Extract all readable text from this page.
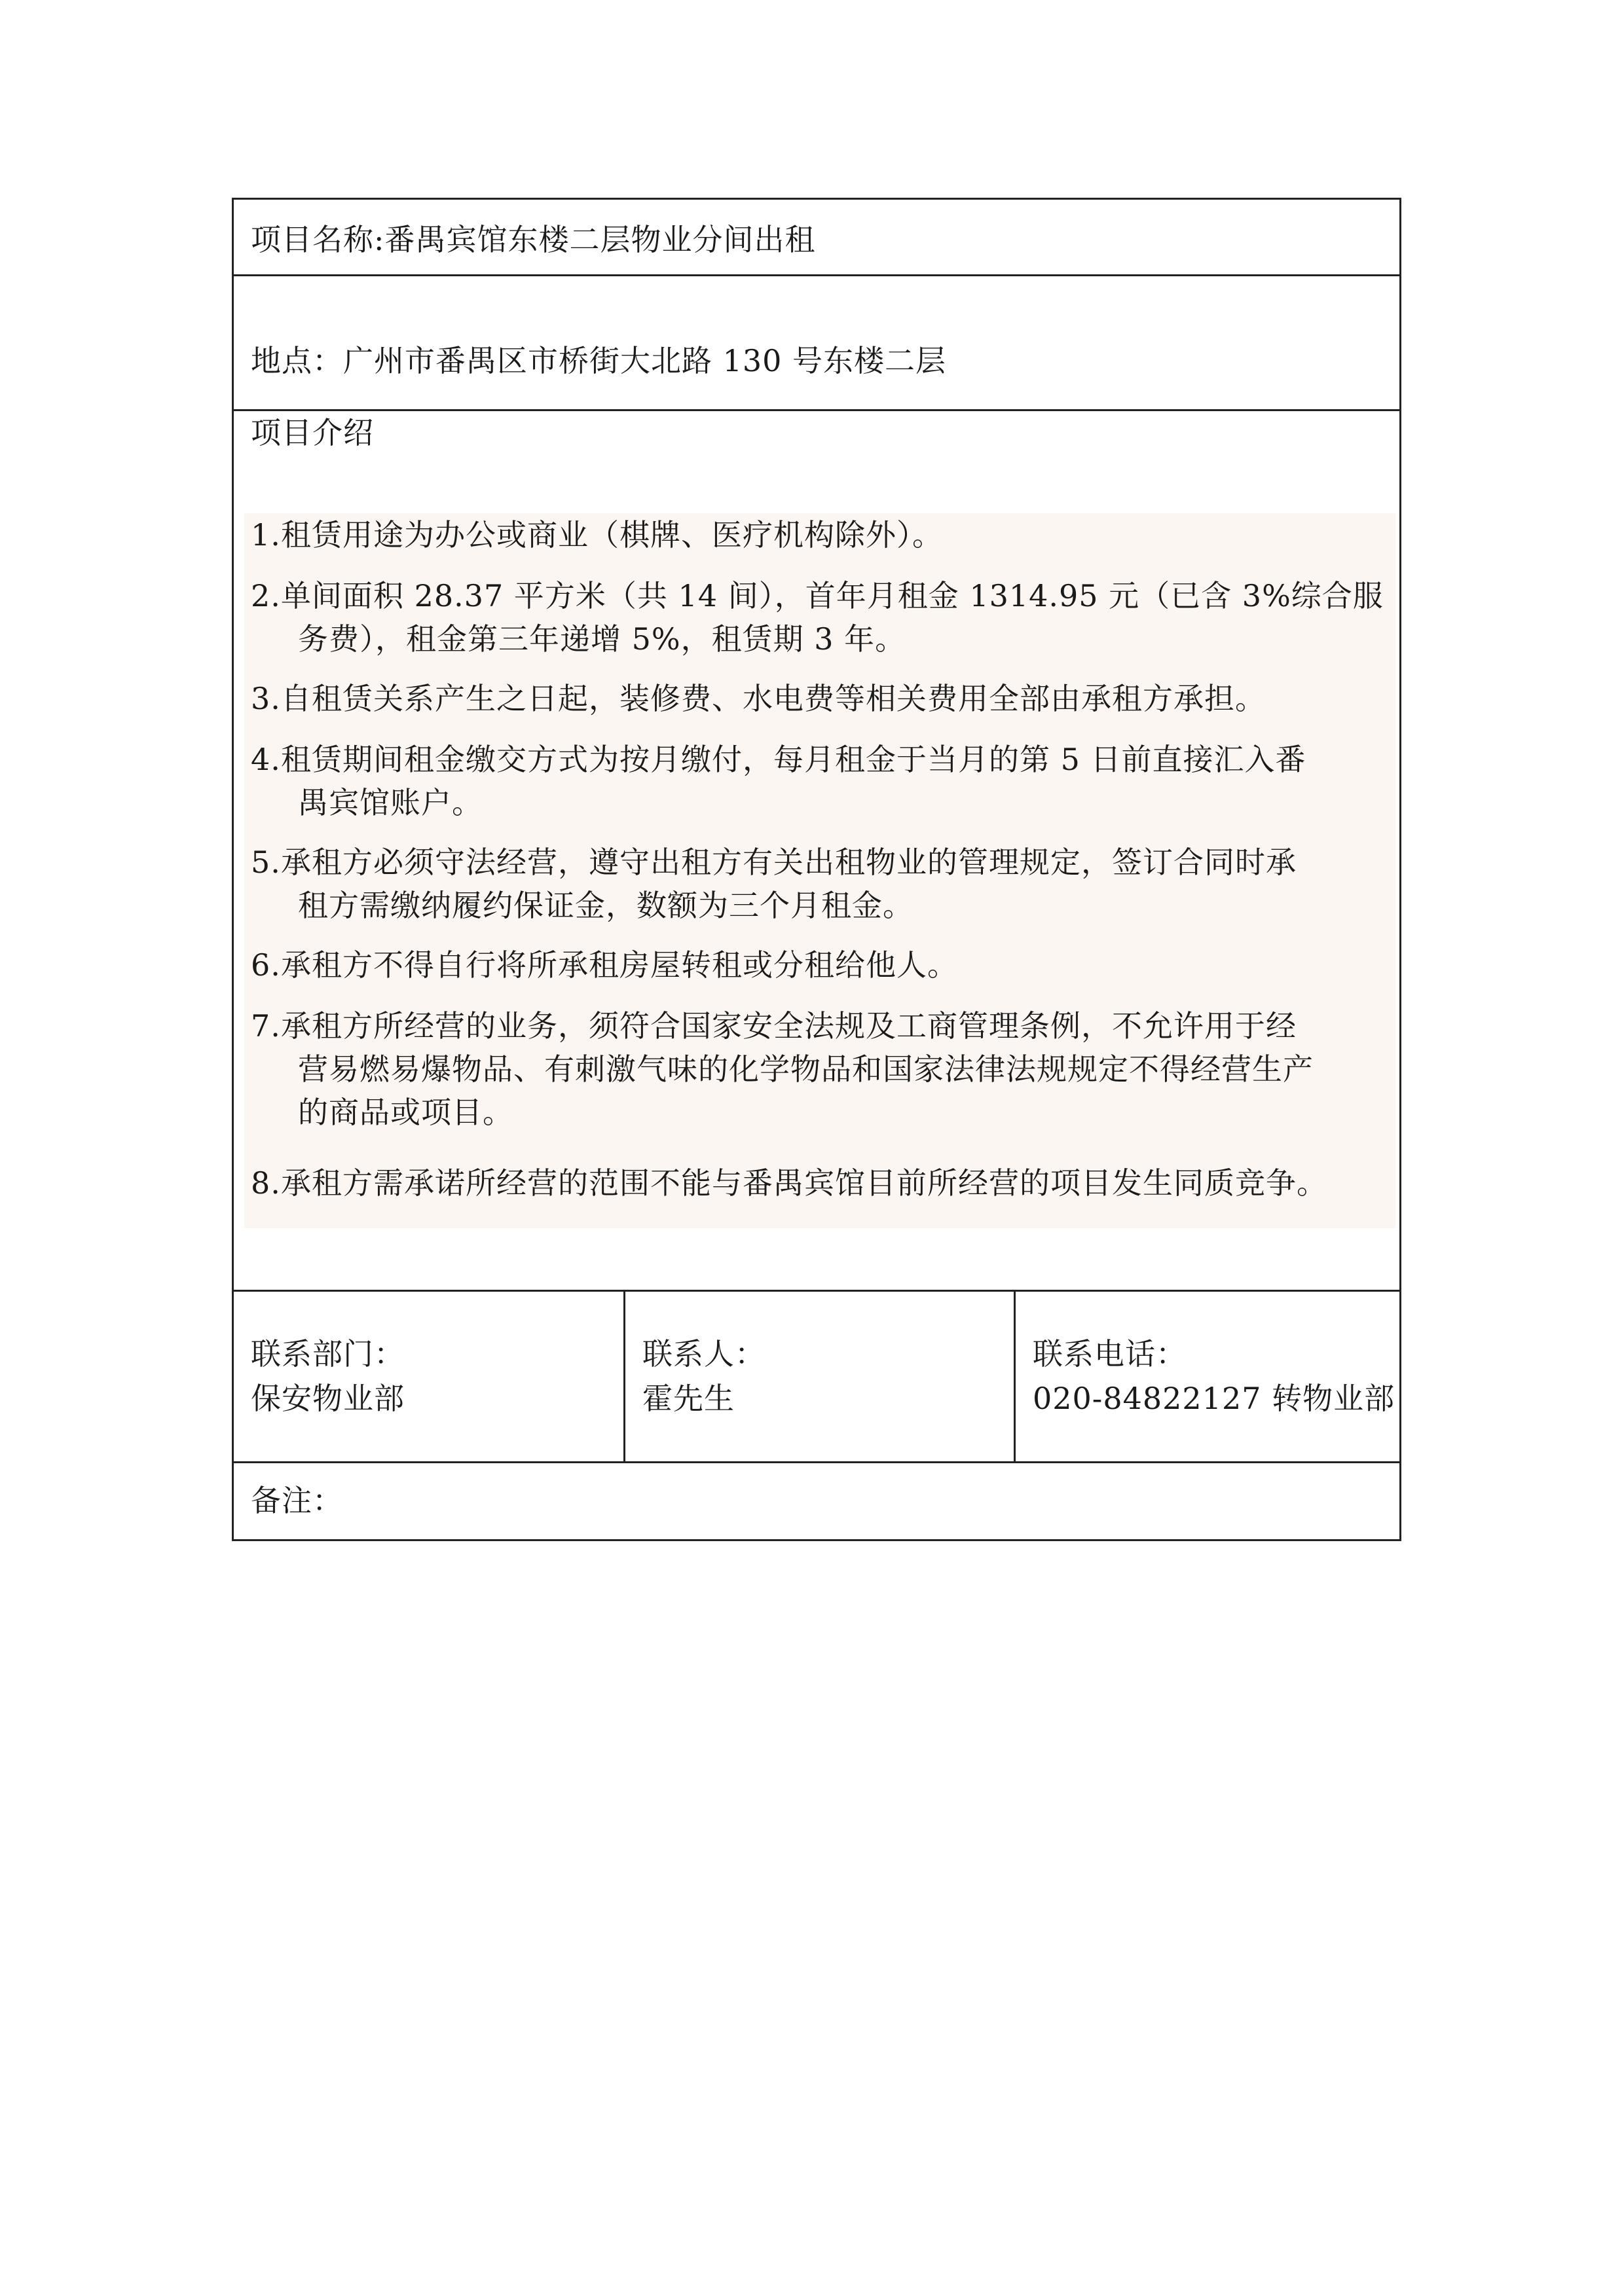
项目名称:番禺宾馆东楼二层物业分间出租
地点：广州市番禺区市桥街大北路 130 号东楼二层
项目介绍
1.租赁用途为办公或商业（棋牌、医疗机构除外）。
2.单间面积 28.37 平方米（共 14 间），首年月租金 1314.95 元（已含 3%综合服
务费），租金第三年递增 5%，租赁期 3 年。
3.自租赁关系产生之日起，装修费、水电费等相关费用全部由承租方承担。
4.租赁期间租金缴交方式为按月缴付，每月租金于当月的第 5 日前直接汇入番
禺宾馆账户。
5.承租方必须守法经营，遵守出租方有关出租物业的管理规定，签订合同时承
租方需缴纳履约保证金，数额为三个月租金。
6.承租方不得自行将所承租房屋转租或分租给他人。
7.承租方所经营的业务，须符合国家安全法规及工商管理条例，不允许用于经
营易燃易爆物品、有刺激气味的化学物品和国家法律法规规定不得经营生产
的商品或项目。
8.承租方需承诺所经营的范围不能与番禺宾馆目前所经营的项目发生同质竞争。
联系部门：
保安物业部
联系人：
霍先生
联系电话：
020-84822127 转物业部
备注：
